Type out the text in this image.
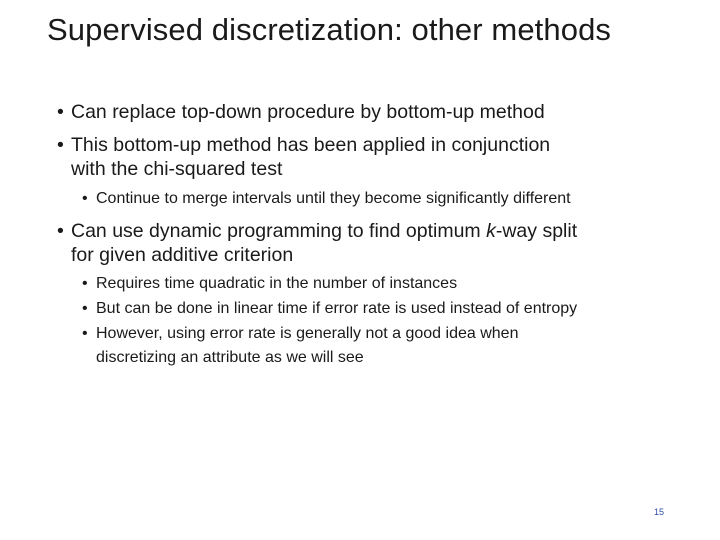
Supervised discretization: other methods
• Can replace top-down procedure by bottom-up method
• This bottom-up method has been applied in conjunction
with the chi-squared test
• Continue to merge intervals until they become significantly different
• Can use dynamic programming to find optimum k-way split
for given additive criterion
• Requires time quadratic in the number of instances
• But can be done in linear time if error rate is used instead of entropy
• However, using error rate is generally not a good idea when
discretizing an attribute as we will see
15
